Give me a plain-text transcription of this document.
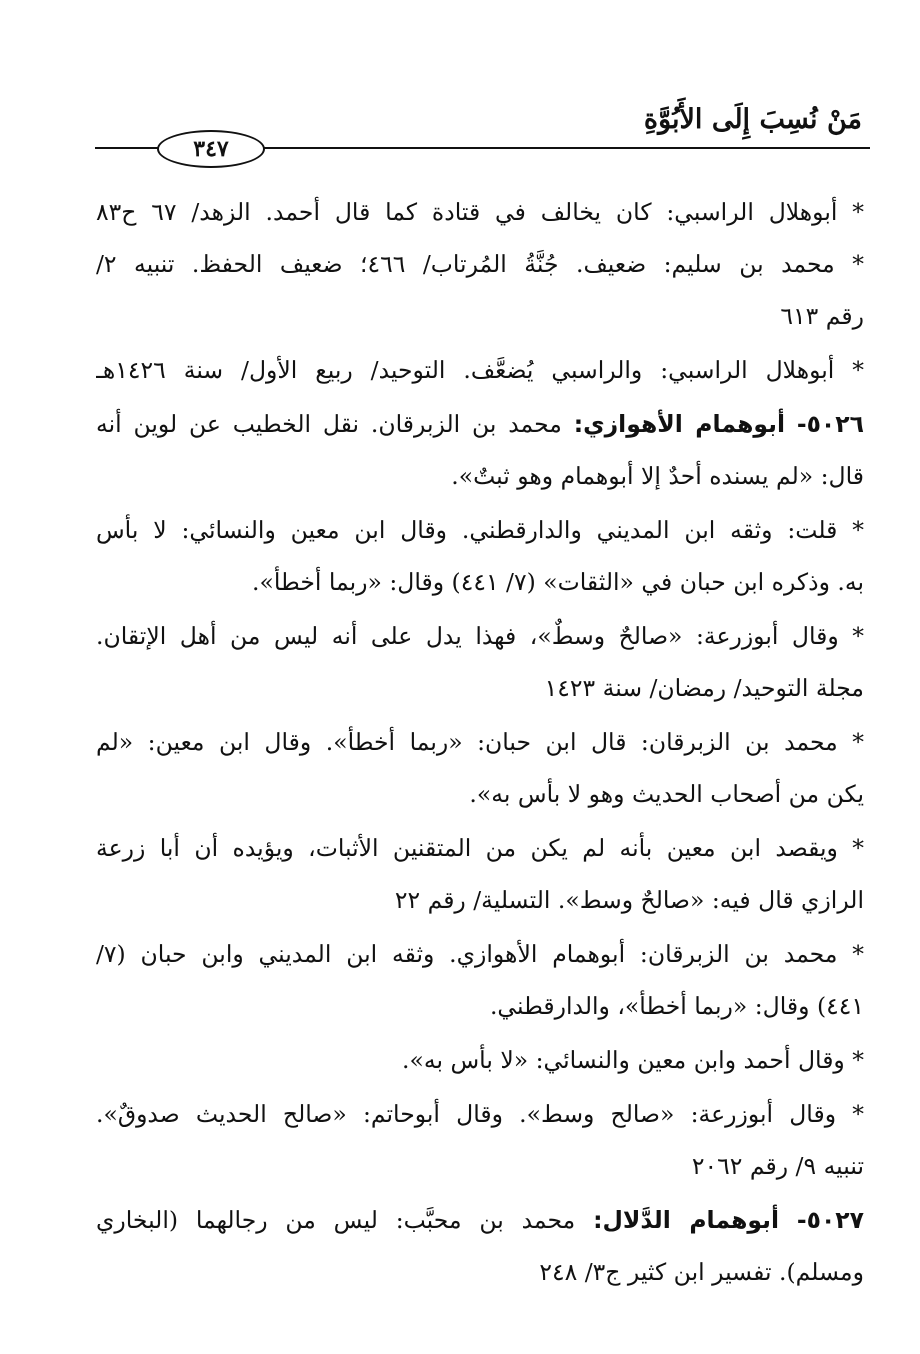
مَنْ نُسِبَ إِلَى الأَبُوَّةِ
٣٤٧
* أبوهلال الراسبي: كان يخالف في قتادة كما قال أحمد. الزهد/ ٦٧ ح٨٣
* محمد بن سليم: ضعيف. جُنَّةُ المُرتاب/ ٤٦٦؛ ضعيف الحفظ. تنبيه ٢/
رقم ٦١٣
* أبوهلال الراسبي: والراسبي يُضعَّف. التوحيد/ ربيع الأول/ سنة ١٤٢٦هـ
٥٠٢٦- أبوهمام الأهوازي: محمد بن الزبرقان. نقل الخطيب عن لوين أنه
قال: «لم يسنده أحدٌ إلا أبوهمام وهو ثبتٌ».
* قلت: وثقه ابن المديني والدارقطني. وقال ابن معين والنسائي: لا بأس
به. وذكره ابن حبان في «الثقات» (٧/ ٤٤١) وقال: «ربما أخطأ».
* وقال أبوزرعة: «صالحٌ وسطٌ»، فهذا يدل على أنه ليس من أهل الإتقان.
مجلة التوحيد/ رمضان/ سنة ١٤٢٣
* محمد بن الزبرقان: قال ابن حبان: «ربما أخطأ». وقال ابن معين: «لم
يكن من أصحاب الحديث وهو لا بأس به».
* ويقصد ابن معين بأنه لم يكن من المتقنين الأثبات، ويؤيده أن أبا زرعة
الرازي قال فيه: «صالحٌ وسط». التسلية/ رقم ٢٢
* محمد بن الزبرقان: أبوهمام الأهوازي. وثقه ابن المديني وابن حبان (٧/
٤٤١) وقال: «ربما أخطأ»، والدارقطني.
* وقال أحمد وابن معين والنسائي: «لا بأس به».
* وقال أبوزرعة: «صالح وسط». وقال أبوحاتم: «صالح الحديث صدوقٌ».
تنبيه ٩/ رقم ٢٠٦٢
٥٠٢٧- أبوهمام الدَّلال: محمد بن محبَّب: ليس من رجالهما (البخاري
ومسلم). تفسير ابن كثير ج٣/ ٢٤٨
